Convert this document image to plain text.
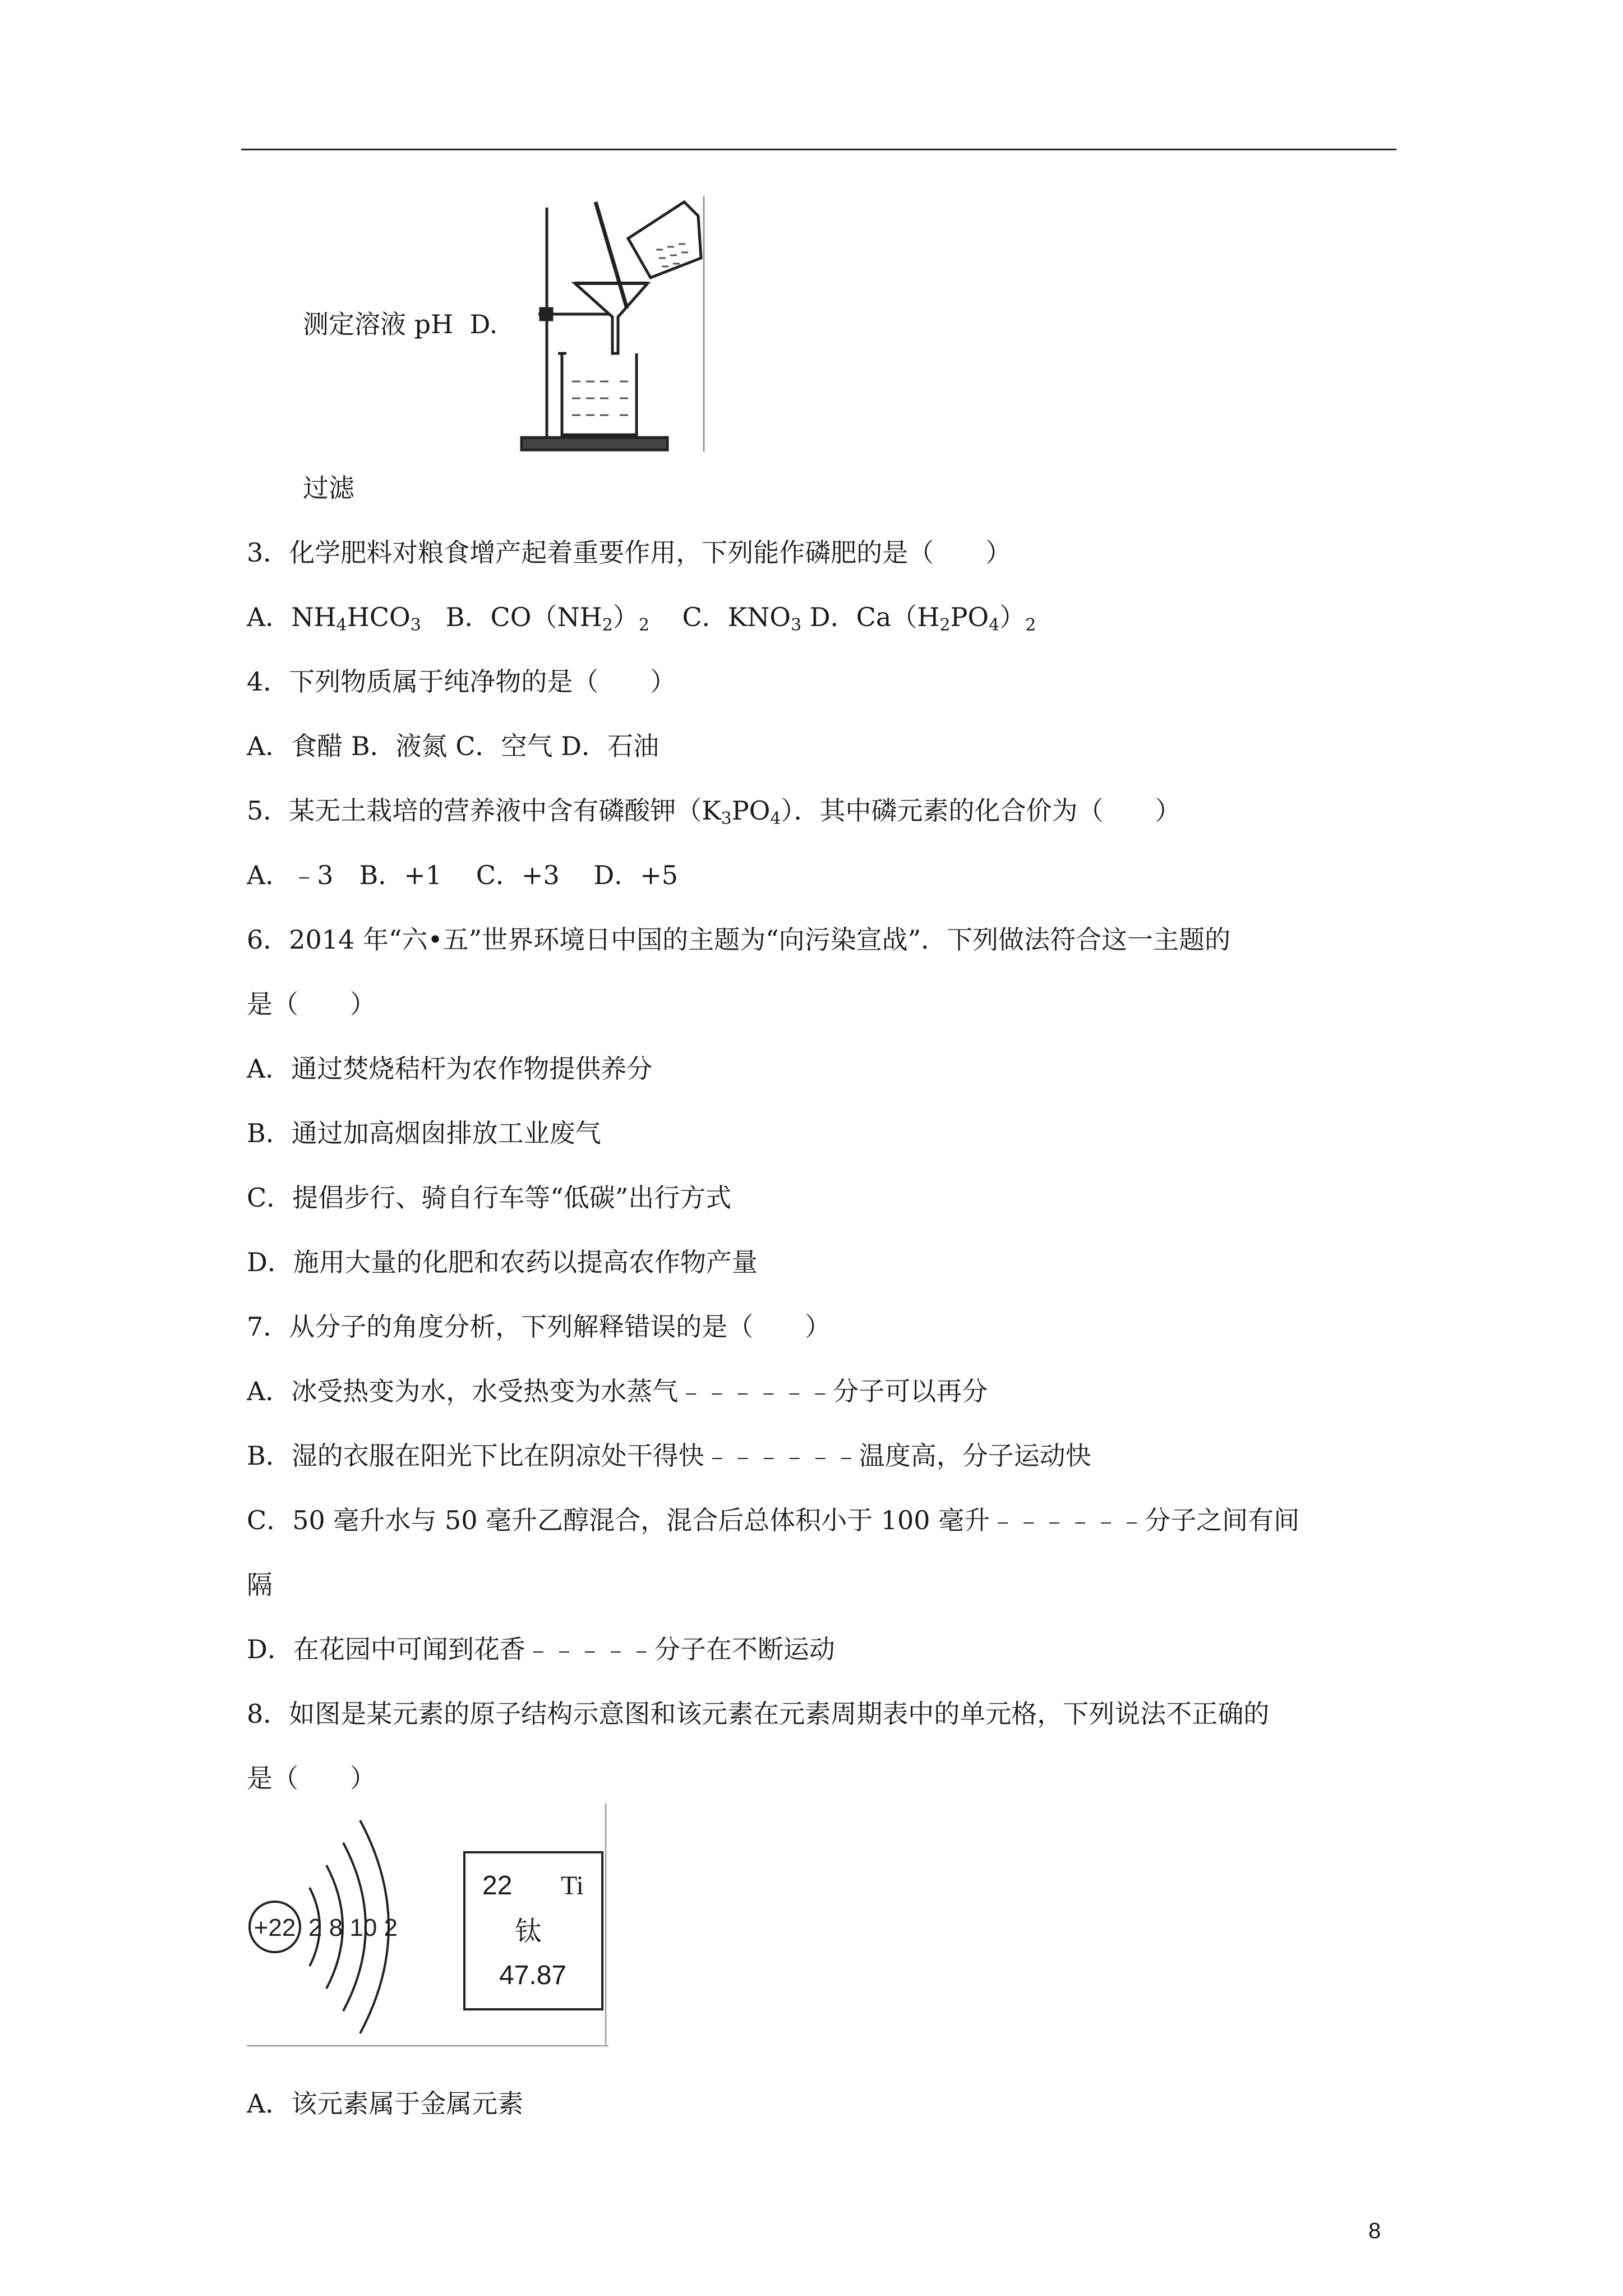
测定溶液 pH D.
过滤
3．化学肥料对粮食增产起着重要作用，下列能作磷肥的是（　　）
A．$NH_4HCO_3$ B．$CO(NH_2)_2$ C．$KNO_3$ D．$Ca(H_2PO_4)_2$
4．下列物质属于纯净物的是（　　）
A．食醋 B．液氮 C．空气 D．石油
5．某无土栽培的营养液中含有磷酸钾$(K_3PO_4)$．其中磷元素的化合价为（　　）
A．﹣3　B．+1　 C．+3　 D．+5
6．2014 年“六•五”世界环境日中国的主题为“向污染宣战”．下列做法符合这一主题的
是（　　）
A．通过焚烧秸杆为农作物提供养分
B．通过加高烟囱排放工业废气
C．提倡步行、骑自行车等“低碳”出行方式
D．施用大量的化肥和农药以提高农作物产量
7．从分子的角度分析，下列解释错误的是（　　）
A．冰受热变为水，水受热变为水蒸气﹣﹣﹣﹣﹣﹣分子可以再分
B．湿的衣服在阳光下比在阴凉处干得快﹣﹣﹣﹣﹣﹣温度高，分子运动快
C．50 毫升水与 50 毫升乙醇混合，混合后总体积小于 100 毫升﹣﹣﹣﹣﹣﹣分子之间有间
隔
D．在花园中可闻到花香﹣﹣﹣﹣﹣分子在不断运动
8．如图是某元素的原子结构示意图和该元素在元素周期表中的单元格，下列说法不正确的
是（　　）
+22 2 8 10 2
22 Ti
钛
47.87
A．该元素属于金属元素
8
